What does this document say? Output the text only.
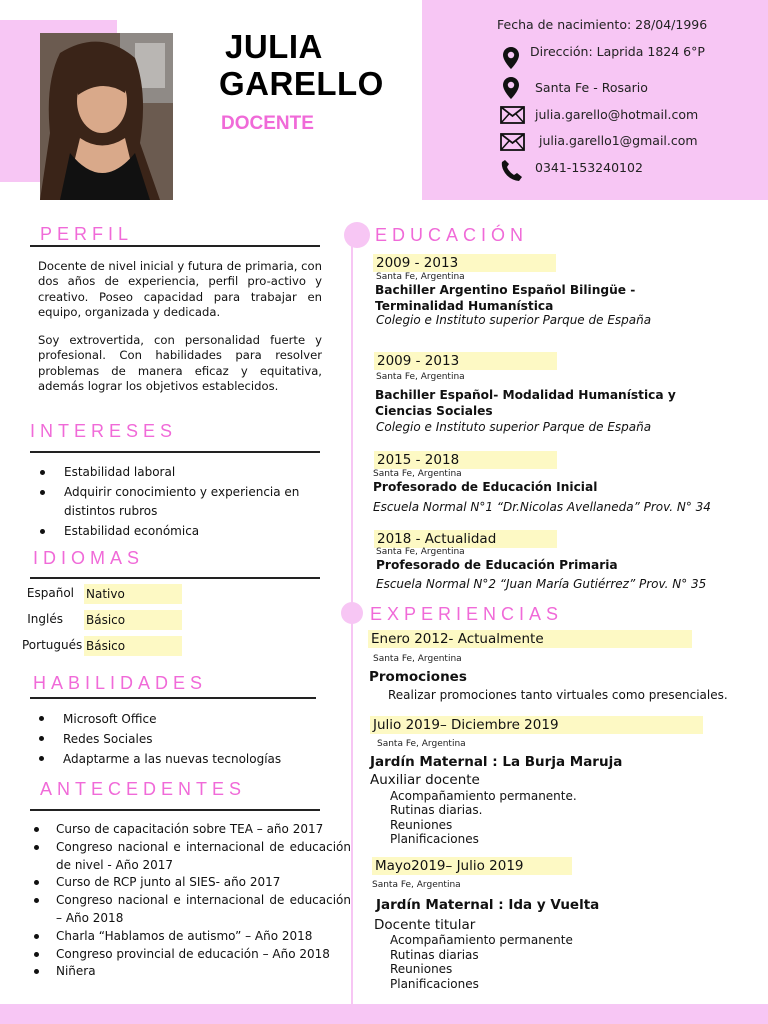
JULIA
GARELLO
DOCENTE
Fecha de nacimiento: 28/04/1996
Dirección: Laprida 1824 6°P
Santa Fe - Rosario
julia.garello@hotmail.com
julia.garello1@gmail.com
0341-153240102
PERFIL
Docente de nivel inicial y futura de primaria, con dos años de experiencia, perfil pro-activo y creativo. Poseo capacidad para trabajar en equipo, organizada y dedicada.
Soy extrovertida, con personalidad fuerte y profesional. Con habilidades para resolver problemas de manera eficaz y equitativa, además lograr los objetivos establecidos.
INTERESES
Estabilidad laboral
Adquirir conocimiento y experiencia en distintos rubros
Estabilidad económica
IDIOMAS
Español Nativo
Inglés Básico
Portugués Básico
HABILIDADES
Microsoft Office
Redes Sociales
Adaptarme a las nuevas tecnologías
ANTECEDENTES
Curso de capacitación sobre TEA – año 2017
Congreso nacional e internacional de educación de nivel - Año 2017
Curso de RCP junto al SIES- año 2017
Congreso nacional e internacional de educación – Año 2018
Charla “Hablamos de autismo” – Año 2018
Congreso provincial de educación – Año 2018
Niñera
EDUCACIÓN
2009 - 2013
Santa Fe, Argentina
Bachiller Argentino Español Bilingüe - Terminalidad Humanística
Colegio e Instituto superior Parque de España
2009 - 2013
Santa Fe, Argentina
Bachiller Español- Modalidad Humanística y Ciencias Sociales
Colegio e Instituto superior Parque de España
2015 - 2018
Santa Fe, Argentina
Profesorado de Educación Inicial
Escuela Normal N°1 “Dr.Nicolas Avellaneda” Prov. N° 34
2018 - Actualidad
Santa Fe, Argentina
Profesorado de Educación Primaria
Escuela Normal N°2 “Juan María Gutiérrez” Prov. N° 35
EXPERIENCIAS
Enero 2012- Actualmente
Santa Fe, Argentina
Promociones
Realizar promociones tanto virtuales como presenciales.
Julio 2019– Diciembre 2019
Santa Fe, Argentina
Jardín Maternal : La Burja Maruja
Auxiliar docente
Acompañamiento permanente.
Rutinas diarias.
Reuniones
Planificaciones
Mayo2019– Julio 2019
Santa Fe, Argentina
Jardín Maternal : Ida y Vuelta
Docente titular
Acompañamiento permanente
Rutinas diarias
Reuniones
Planificaciones
